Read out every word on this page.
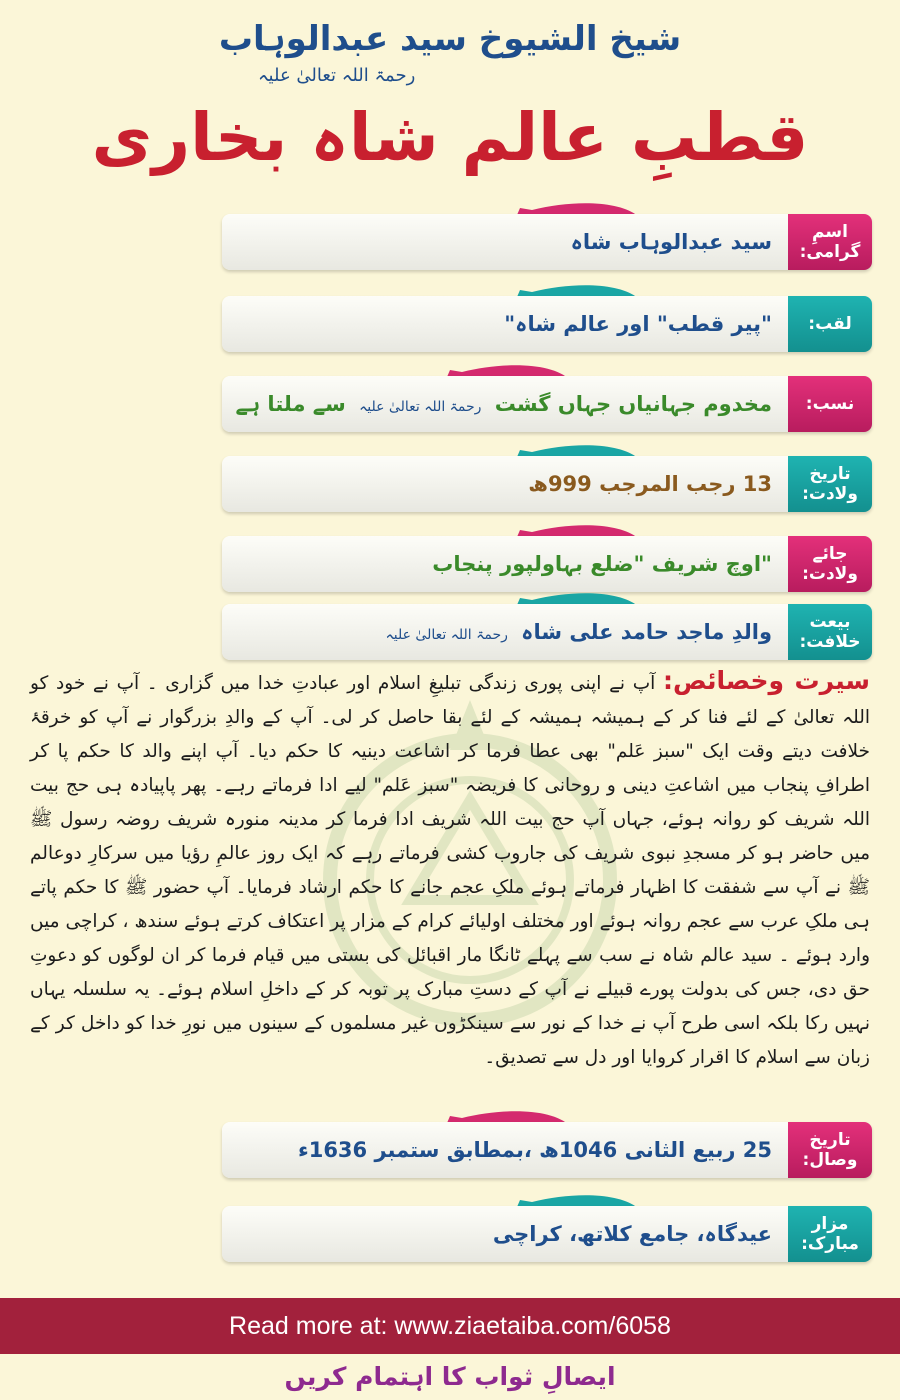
شیخ الشیوخ سید عبدالوہاب
رحمۃ اللہ تعالیٰ علیہ
قطبِ عالم شاہ بخاری
اسمِ گرامی:
سید عبدالوہاب شاہ
لقب:
"پیر قطب" اور عالم شاہ"
نسب:
مخدوم جہانیاں جہاں گشت رحمۃ اللہ تعالیٰ علیہ سے ملتا ہے
تاریخ ولادت:
13 رجب المرجب 999ھ
جائے ولادت:
"اوچ شریف "ضلع بہاولپور پنجاب
بیعت خلافت:
والدِ ماجد حامد علی شاہ رحمۃ اللہ تعالیٰ علیہ
سیرت وخصائص: آپ نے اپنی پوری زندگی تبلیغِ اسلام اور عبادتِ خدا میں گزاری ۔ آپ نے خود کو اللہ تعالیٰ کے لئے فنا کر کے ہمیشہ ہمیشہ کے لئے بقا حاصل کر لی۔ آپ کے والدِ بزرگوار نے آپ کو خرقۂ خلافت دیتے وقت ایک "سبز عَلم" بھی عطا فرما کر اشاعت دینیہ کا حکم دیا۔ آپ اپنے والد کا حکم پا کر اطرافِ پنجاب میں اشاعتِ دینی و روحانی کا فریضہ "سبز عَلم" لیے ادا فرماتے رہے۔ پھر پاپیادہ ہی حج بیت اللہ شریف کو روانہ ہوئے، جہاں آپ حج بیت اللہ شریف ادا فرما کر مدینہ منورہ شریف روضہ رسول ﷺ میں حاضر ہو کر مسجدِ نبوی شریف کی جاروب کشی فرماتے رہے کہ ایک روز عالمِ رؤیا میں سرکارِ دوعالم ﷺ نے آپ سے شفقت کا اظہار فرماتے ہوئے ملکِ عجم جانے کا حکم ارشاد فرمایا۔ آپ حضور ﷺ کا حکم پاتے ہی ملکِ عرب سے عجم روانہ ہوئے اور مختلف اولیائے کرام کے مزار پر اعتکاف کرتے ہوئے سندھ ، کراچی میں وارد ہوئے ۔ سید عالم شاہ نے سب سے پہلے ٹانگا مار اقبائل کی بستی میں قیام فرما کر ان لوگوں کو دعوتِ حق دی، جس کی بدولت پورے قبیلے نے آپ کے دستِ مبارک پر توبہ کر کے داخلِ اسلام ہوئے۔ یہ سلسلہ یہاں نہیں رکا بلکہ اسی طرح آپ نے خدا کے نور سے سینکڑوں غیر مسلموں کے سینوں میں نورِ خدا کو داخل کر کے زبان سے اسلام کا اقرار کروایا اور دل سے تصدیق۔
تاریخ وصال:
25 ربیع الثانی 1046ھ ،بمطابق ستمبر 1636ء
مزار مبارک:
عیدگاہ، جامع کلاتھ، کراچی
Read more at: www.ziaetaiba.com/6058
ایصالِ ثواب کا اہتمام کریں
